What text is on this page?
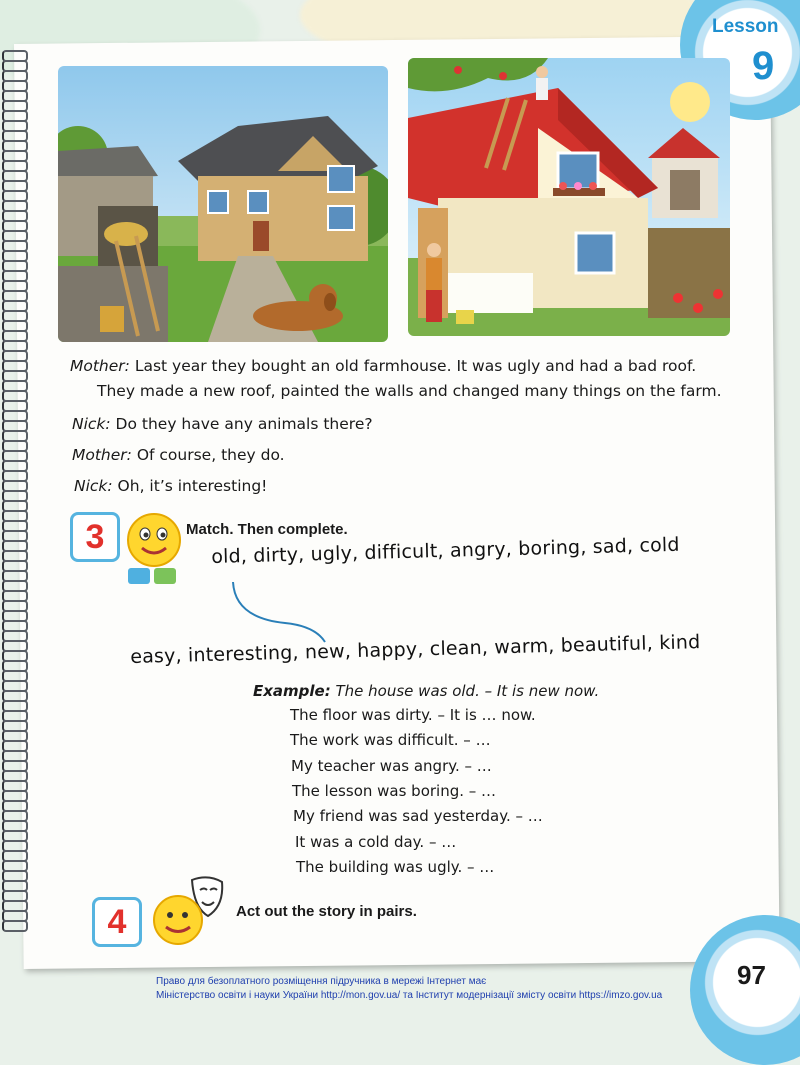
Lesson
9
Mother: Last year they bought an old farmhouse. It was ugly and had a bad roof.
They made a new roof, painted the walls and changed many things on the farm.
Nick: Do they have any animals there?
Mother: Of course, they do.
Nick: Oh, it’s interesting!
3	Match. Then complete.
old, dirty, ugly, difficult, angry, boring, sad, cold
easy, interesting, new, happy, clean, warm, beautiful, kind
Example: The house was old. – It is new now.
The floor was dirty. – It is … now.
The work was difficult. – …
My teacher was angry. – …
The lesson was boring. – …
My friend was sad yesterday. – …
It was a cold day. – …
The building was ugly. – …
4	Act out the story in pairs.
97
Право для безоплатного розміщення підручника в мережі Інтернет має
Міністерство освіти і науки України http://mon.gov.ua/ та Інститут модернізації змісту освіти https://imzo.gov.ua
